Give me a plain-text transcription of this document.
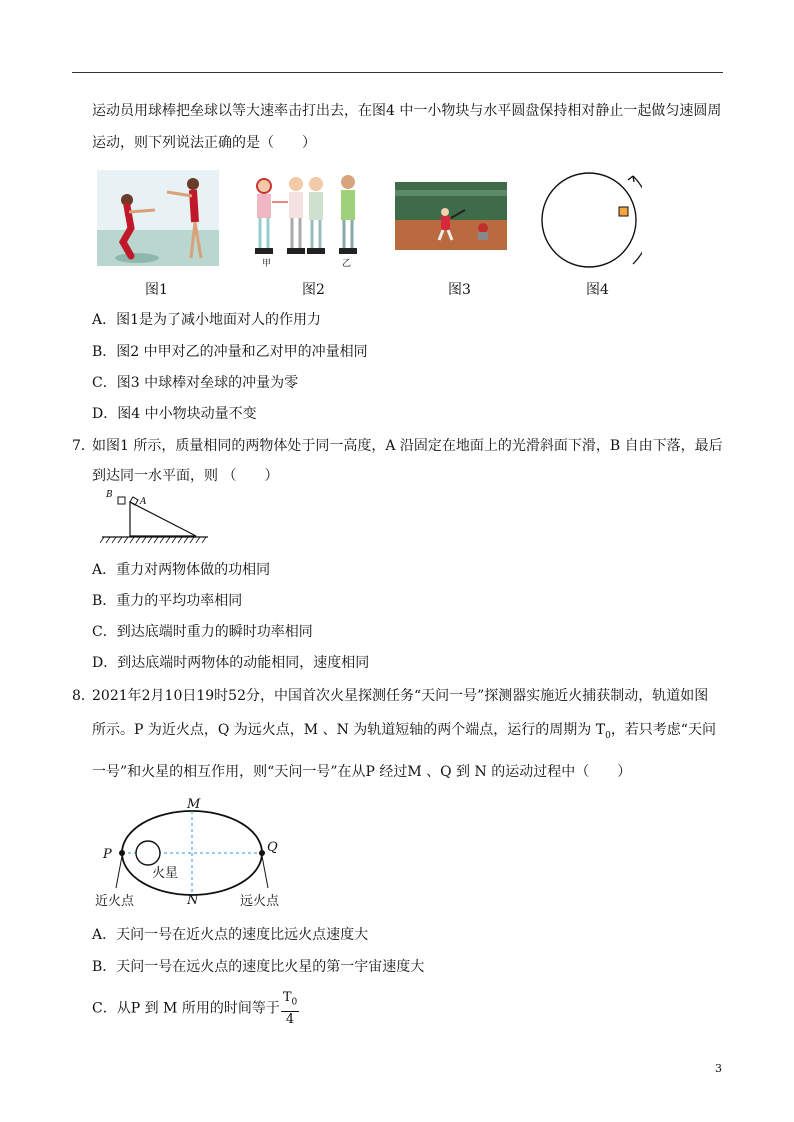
运动员用球棒把垒球以等大速率击打出去，在图4 中一小物块与水平圆盘保持相对静止一起做匀速圆周
运动，则下列说法正确的是（　　）
图1
甲	乙
图2	图3	图4
A．图1是为了减小地面对人的作用力
B．图2 中甲对乙的冲量和乙对甲的冲量相同
C．图3 中球棒对垒球的冲量为零
D．图4 中小物块动量不变
7．
如图1 所示，质量相同的两物体处于同一高度，A 沿固定在地面上的光滑斜面下滑，B 自由下落，最后
到达同一水平面，则 （　　）
B
A
A．重力对两物体做的功相同
B．重力的平均功率相同
C．到达底端时重力的瞬时功率相同
D．到达底端时两物体的动能相同，速度相同
8．
2021年2月10日19时52分，中国首次火星探测任务“天问一号”探测器实施近火捕获制动，轨道如图
所示。P 为近火点，Q 为远火点，M 、N 为轨道短轴的两个端点，运行的周期为 $T_0$，若只考虑“天问
一号”和火星的相互作用，则“天问一号”在从P 经过M 、Q 到 N 的运动过程中（　　）
M
N
P	Q
火星
近火点	远火点
A．天问一号在近火点的速度比远火点速度大
B．天问一号在远火点的速度比火星的第一宇宙速度大
C．从P 到 M 所用的时间等于 $\frac{T_0}{4}$
3
